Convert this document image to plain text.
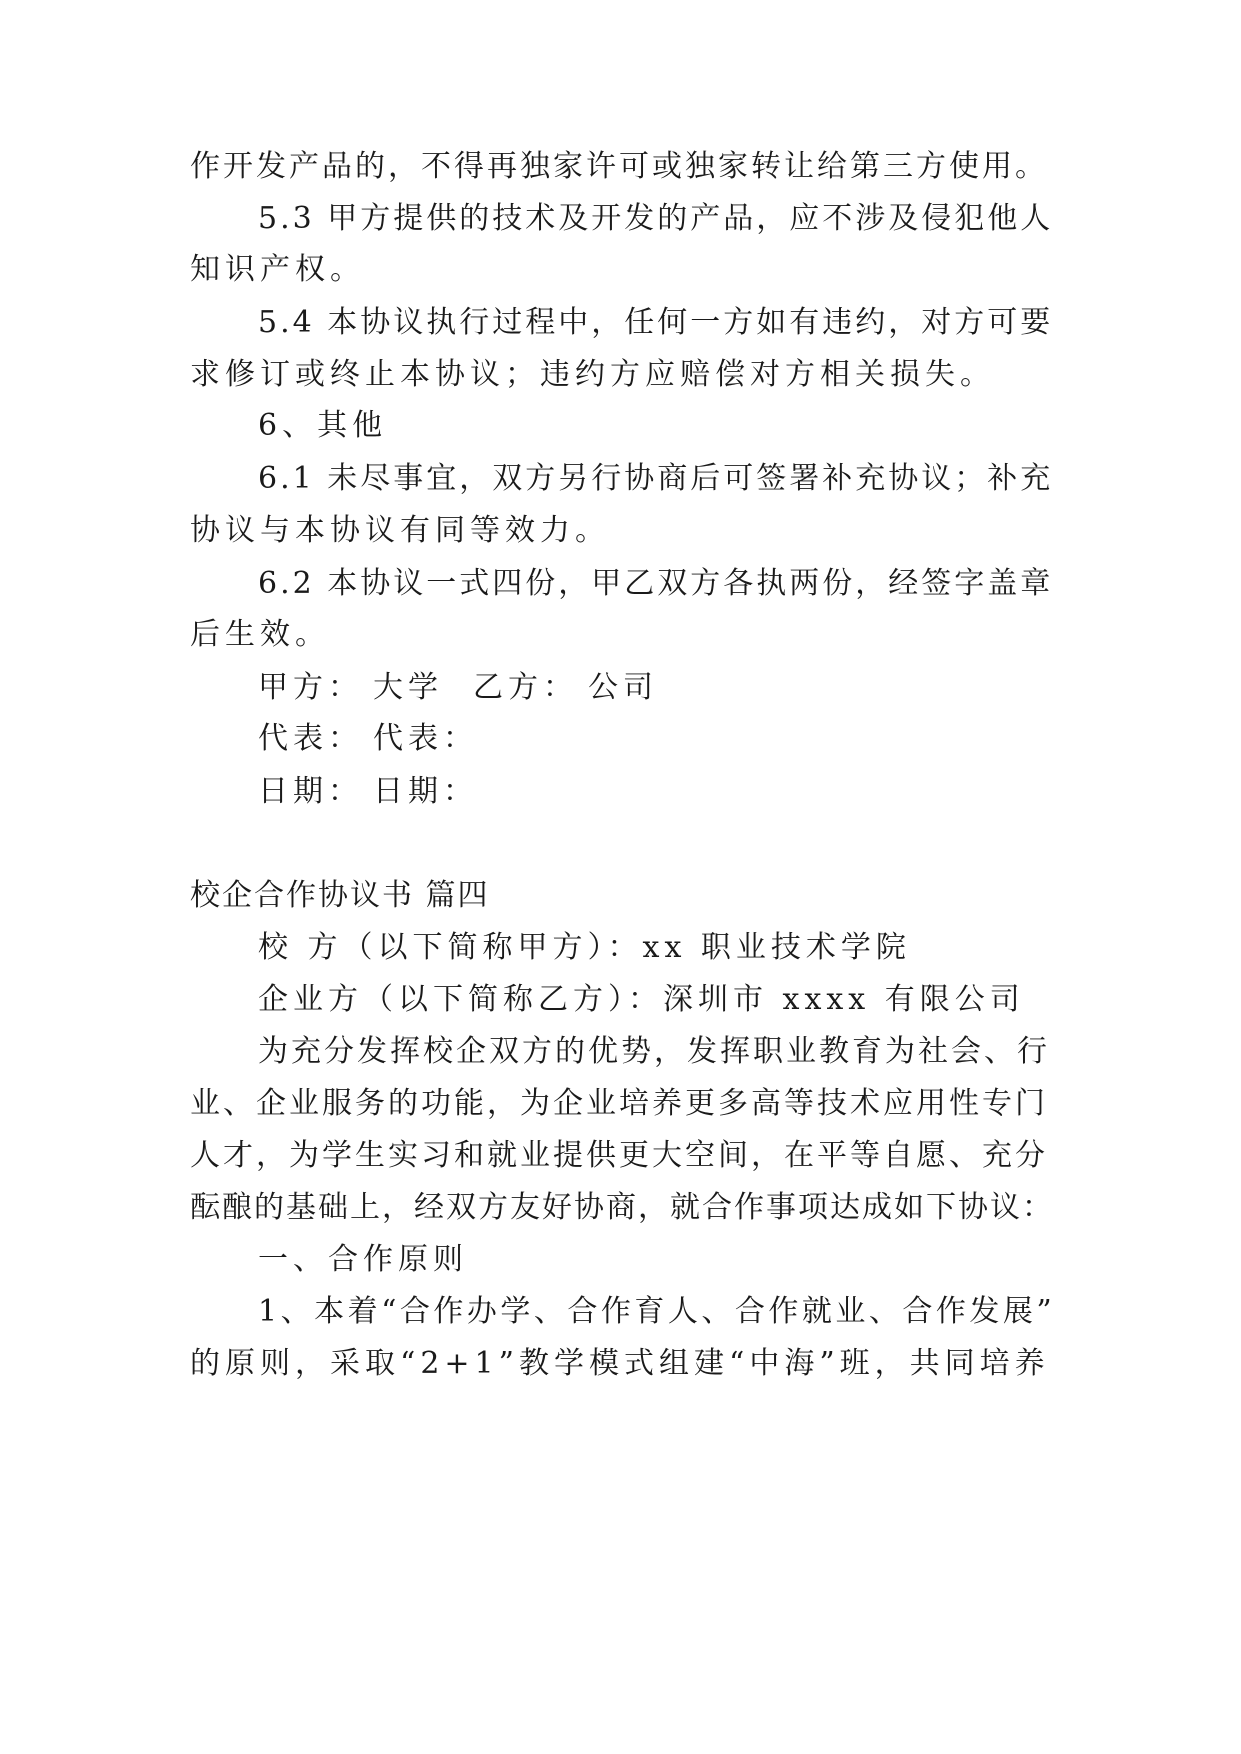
作开发产品的，不得再独家许可或独家转让给第三方使用。
5.3 甲方提供的技术及开发的产品，应不涉及侵犯他人
知识产权。
5.4 本协议执行过程中，任何一方如有违约，对方可要
求修订或终止本协议；违约方应赔偿对方相关损失。
6、其他
6.1 未尽事宜，双方另行协商后可签署补充协议；补充
协议与本协议有同等效力。
6.2 本协议一式四份，甲乙双方各执两份，经签字盖章
后生效。
甲方： 大学 乙方： 公司
代表： 代表：
日期： 日期：
校企合作协议书 篇四
校 方（以下简称甲方）：xx 职业技术学院
企业方（以下简称乙方）：深圳市 xxxx 有限公司
为充分发挥校企双方的优势，发挥职业教育为社会、行
业、企业服务的功能，为企业培养更多高等技术应用性专门
人才，为学生实习和就业提供更大空间，在平等自愿、充分
酝酿的基础上，经双方友好协商，就合作事项达成如下协议：
一、合作原则
1、本着“合作办学、合作育人、合作就业、合作发展”
的原则，采取“2+1”教学模式组建“中海”班，共同培养
